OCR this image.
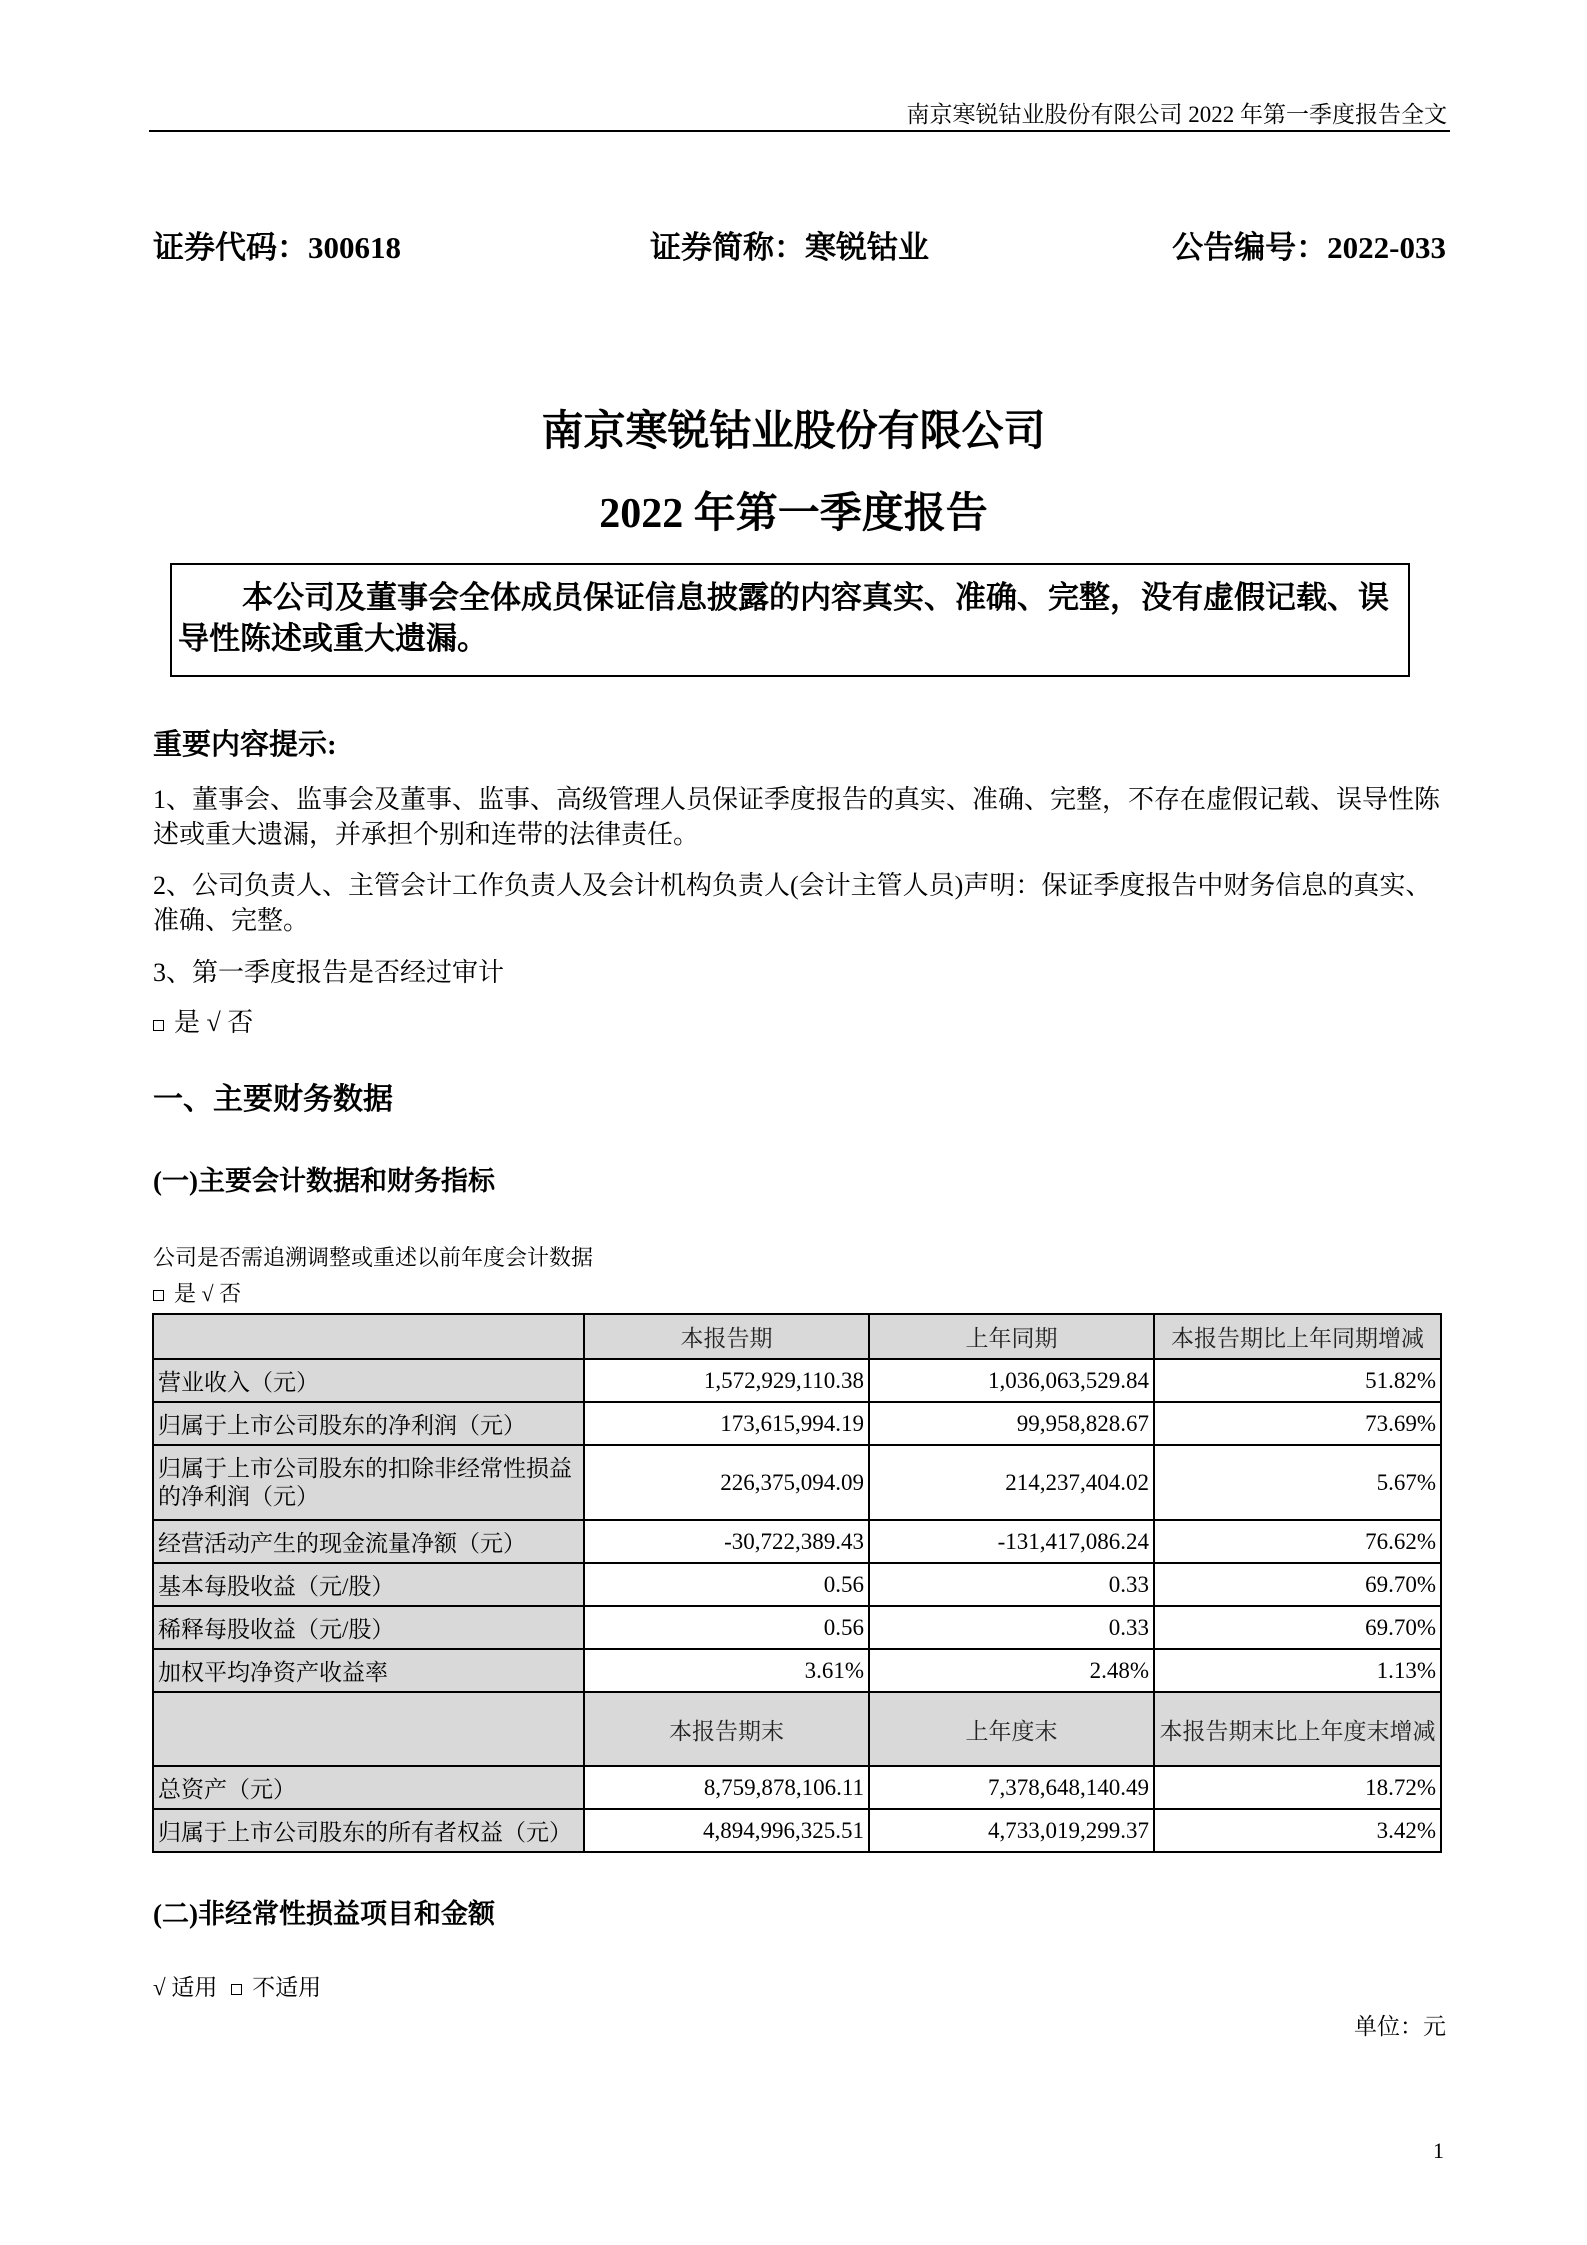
南京寒锐钴业股份有限公司 2022 年第一季度报告全文
证券代码：300618	证券简称：寒锐钴业	公告编号：2022-033
南京寒锐钴业股份有限公司
2022 年第一季度报告
本公司及董事会全体成员保证信息披露的内容真实、准确、完整，没有虚假记载、误导性陈述或重大遗漏。
重要内容提示:
1、董事会、监事会及董事、监事、高级管理人员保证季度报告的真实、准确、完整，不存在虚假记载、误导性陈述或重大遗漏，并承担个别和连带的法律责任。
2、公司负责人、主管会计工作负责人及会计机构负责人(会计主管人员)声明：保证季度报告中财务信息的真实、准确、完整。
3、第一季度报告是否经过审计
是 √ 否
一、主要财务数据
(一)主要会计数据和财务指标
公司是否需追溯调整或重述以前年度会计数据
是 √ 否
	本报告期	上年同期	本报告期比上年同期增减
营业收入（元）	1,572,929,110.38	1,036,063,529.84	51.82%
归属于上市公司股东的净利润（元）	173,615,994.19	99,958,828.67	73.69%
归属于上市公司股东的扣除非经常性损益的净利润（元）	226,375,094.09	214,237,404.02	5.67%
经营活动产生的现金流量净额（元）	-30,722,389.43	-131,417,086.24	76.62%
基本每股收益（元/股）	0.56	0.33	69.70%
稀释每股收益（元/股）	0.56	0.33	69.70%
加权平均净资产收益率	3.61%	2.48%	1.13%
	本报告期末	上年度末	本报告期末比上年度末增减
总资产（元）	8,759,878,106.11	7,378,648,140.49	18.72%
归属于上市公司股东的所有者权益（元）	4,894,996,325.51	4,733,019,299.37	3.42%
(二)非经常性损益项目和金额
√ 适用 不适用
单位：元
1
